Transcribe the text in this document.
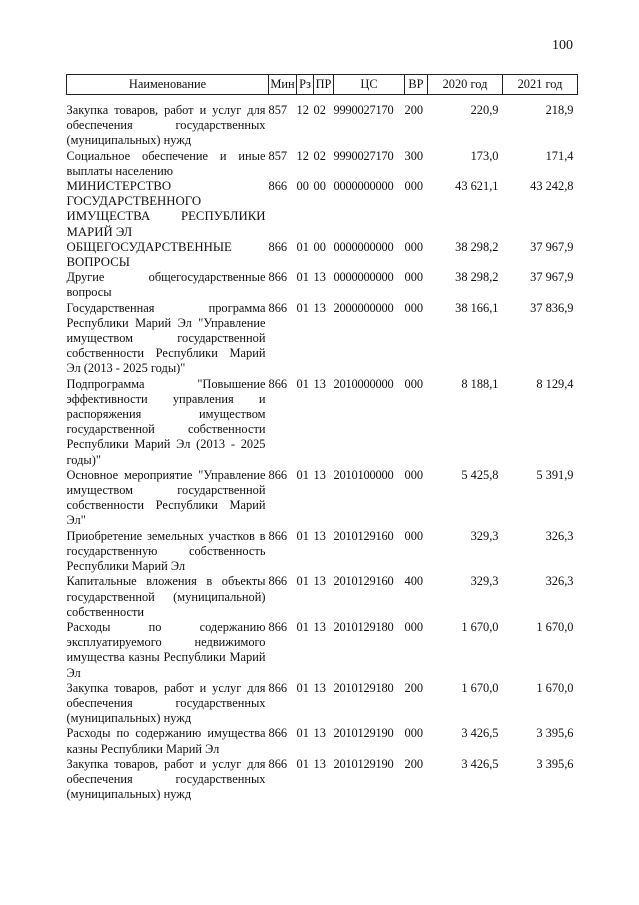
100
Наименование	Мин	Рз	ПР	ЦС	ВР	2020 год	2021 год
Закупка товаров, работ и услуг для обеспечения государственных (муниципальных) нужд	857	12	02	9990027170	200	220,9	218,9
Социальное обеспечение и иные выплаты населению	857	12	02	9990027170	300	173,0	171,4
МИНИСТЕРСТВО ГОСУДАРСТВЕННОГО ИМУЩЕСТВА РЕСПУБЛИКИ МАРИЙ ЭЛ	866	00	00	0000000000	000	43 621,1	43 242,8
ОБЩЕГОСУДАРСТВЕННЫЕ ВОПРОСЫ	866	01	00	0000000000	000	38 298,2	37 967,9
Другие общегосударственные вопросы	866	01	13	0000000000	000	38 298,2	37 967,9
Государственная программа Республики Марий Эл "Управление имуществом государственной собственности Республики Марий Эл (2013 - 2025 годы)"	866	01	13	2000000000	000	38 166,1	37 836,9
Подпрограмма "Повышение эффективности управления и распоряжения имуществом государственной собственности Республики Марий Эл (2013 - 2025 годы)"	866	01	13	2010000000	000	8 188,1	8 129,4
Основное мероприятие "Управление имуществом государственной собственности Республики Марий Эл"	866	01	13	2010100000	000	5 425,8	5 391,9
Приобретение земельных участков в государственную собственность Республики Марий Эл	866	01	13	2010129160	000	329,3	326,3
Капитальные вложения в объекты государственной (муниципальной) собственности	866	01	13	2010129160	400	329,3	326,3
Расходы по содержанию эксплуатируемого недвижимого имущества казны Республики Марий Эл	866	01	13	2010129180	000	1 670,0	1 670,0
Закупка товаров, работ и услуг для обеспечения государственных (муниципальных) нужд	866	01	13	2010129180	200	1 670,0	1 670,0
Расходы по содержанию имущества казны Республики Марий Эл	866	01	13	2010129190	000	3 426,5	3 395,6
Закупка товаров, работ и услуг для обеспечения государственных (муниципальных) нужд	866	01	13	2010129190	200	3 426,5	3 395,6
